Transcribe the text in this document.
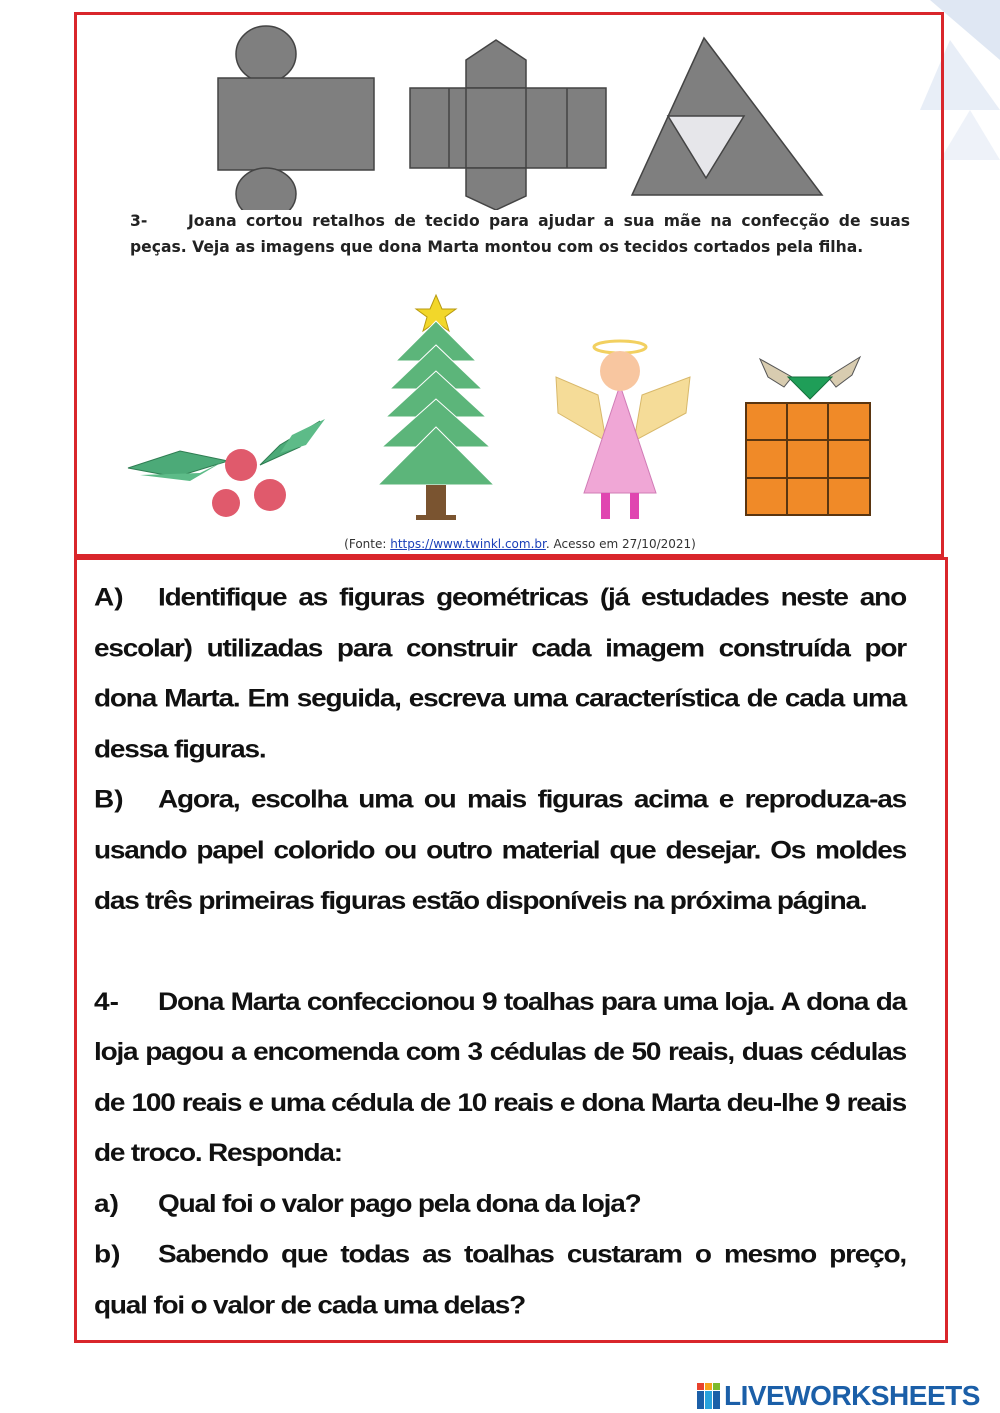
3-	Joana cortou retalhos de tecido para ajudar a sua mãe na confecção de suas peças. Veja as imagens que dona Marta montou com os tecidos cortados pela filha.
(Fonte: https://www.twinkl.com.br. Acesso em 27/10/2021)

A) Identifique as figuras geométricas (já estudades neste ano escolar) utilizadas para construir cada imagem construída por dona Marta. Em seguida, escreva uma característica de cada uma dessa figuras.

B) Agora, escolha uma ou mais figuras acima e reproduza-as usando papel colorido ou outro material que desejar. Os moldes das três primeiras figuras estão disponíveis na próxima página.

4- Dona Marta confeccionou 9 toalhas para uma loja. A dona da loja pagou a encomenda com 3 cédulas de 50 reais, duas cédulas de 100 reais e uma cédula de 10 reais e dona Marta deu-lhe 9 reais de troco. Responda:

a) Qual foi o valor pago pela dona da loja?

b) Sabendo que todas as toalhas custaram o mesmo preço, qual foi o valor de cada uma delas?

LIVEWORKSHEETS
